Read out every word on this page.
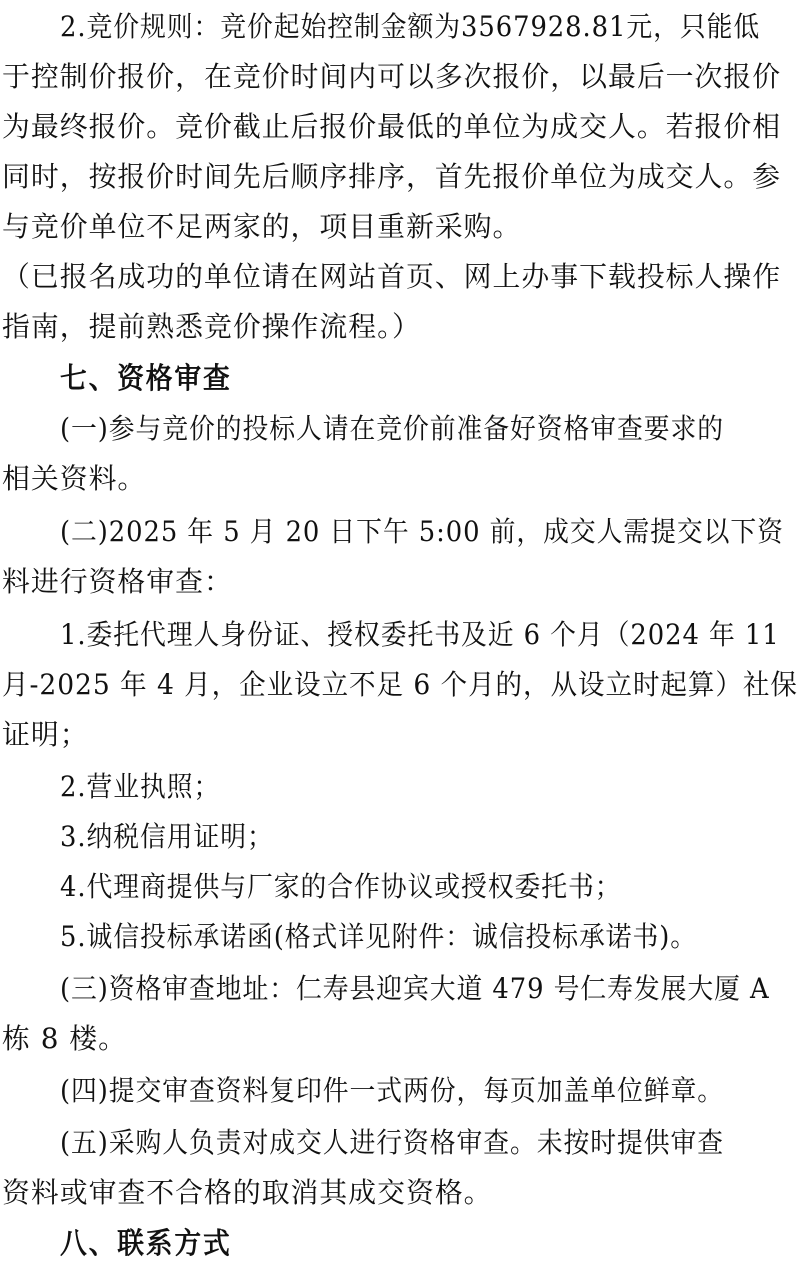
2.竞价规则：竞价起始控制金额为3567928.81元，只能低
于控制价报价，在竞价时间内可以多次报价，以最后一次报价
为最终报价。竞价截止后报价最低的单位为成交人。若报价相
同时，按报价时间先后顺序排序，首先报价单位为成交人。参
与竞价单位不足两家的，项目重新采购。
（已报名成功的单位请在网站首页、网上办事下载投标人操作
指南，提前熟悉竞价操作流程。）
七、资格审查
(一)参与竞价的投标人请在竞价前准备好资格审查要求的
相关资料。
(二)2025 年 5 月 20 日下午 5:00 前，成交人需提交以下资
料进行资格审查：
1.委托代理人身份证、授权委托书及近 6 个月（2024 年 11
月-2025 年 4 月，企业设立不足 6 个月的，从设立时起算）社保
证明；
2.营业执照；
3.纳税信用证明；
4.代理商提供与厂家的合作协议或授权委托书；
5.诚信投标承诺函(格式详见附件：诚信投标承诺书)。
(三)资格审查地址：仁寿县迎宾大道 479 号仁寿发展大厦 A
栋 8 楼。
(四)提交审查资料复印件一式两份，每页加盖单位鲜章。
(五)采购人负责对成交人进行资格审查。未按时提供审查
资料或审查不合格的取消其成交资格。
八、联系方式
